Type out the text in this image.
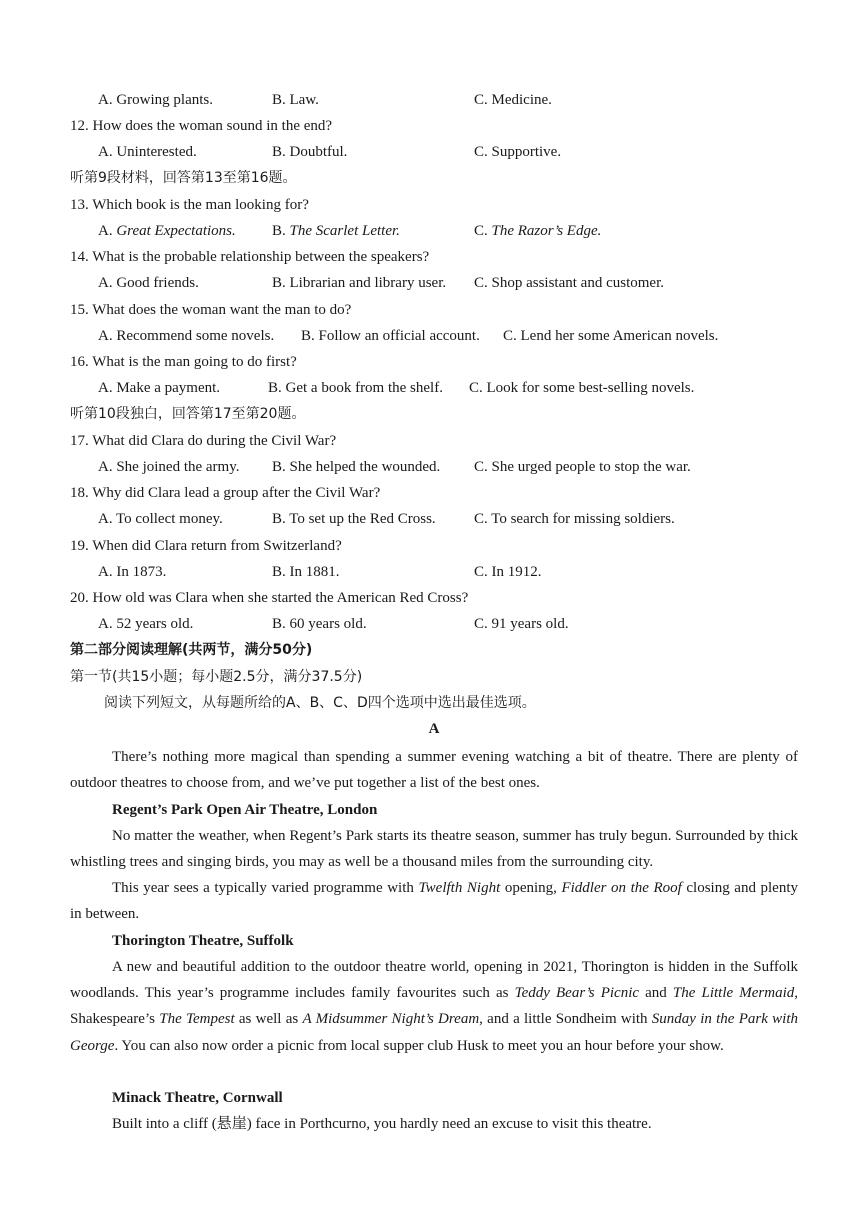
A. Growing plants.	B. Law.	C. Medicine.
12. How does the woman sound in the end?
A. Uninterested.	B. Doubtful.	C. Supportive.
听第9段材料，回答第13至第16题。
13. Which book is the man looking for?
A. Great Expectations. B. The Scarlet Letter.	C. The Razor’s Edge.
14. What is the probable relationship between the speakers?
A. Good friends.	B. Librarian and library user. C. Shop assistant and customer.
15. What does the woman want the man to do?
A. Recommend some novels. B. Follow an official account. C. Lend her some American novels.
16. What is the man going to do first?
A. Make a payment.	B. Get a book from the shelf. C. Look for some best-selling novels.
听第10段独白，回答第17至第20题。
17. What did Clara do during the Civil War?
A. She joined the army. B. She helped the wounded. C. She urged people to stop the war.
18. Why did Clara lead a group after the Civil War?
A. To collect money.	B. To set up the Red Cross.	C. To search for missing soldiers.
19. When did Clara return from Switzerland?
A. In 1873.	B. In 1881.	C. In 1912.
20. How old was Clara when she started the American Red Cross?
A. 52 years old.	B. 60 years old.	C. 91 years old.
第二部分阅读理解(共两节，满分50分)
第一节(共15小题；每小题2.5分，满分37.5分)
阅读下列短文，从每题所给的A、B、C、D四个选项中选出最佳选项。
A

There’s nothing more magical than spending a summer evening watching a bit of theatre. There are plenty of outdoor theatres to choose from, and we’ve put together a list of the best ones.

Regent’s Park Open Air Theatre, London

No matter the weather, when Regent’s Park starts its theatre season, summer has truly begun. Surrounded by thick whistling trees and singing birds, you may as well be a thousand miles from the surrounding city.

This year sees a typically varied programme with Twelfth Night opening, Fiddler on the Roof closing and plenty in between.

Thorington Theatre, Suffolk

A new and beautiful addition to the outdoor theatre world, opening in 2021, Thorington is hidden in the Suffolk woodlands. This year’s programme includes family favourites such as Teddy Bear’s Picnic and The Little Mermaid, Shakespeare’s The Tempest as well as A Midsummer Night’s Dream, and a little Sondheim with Sunday in the Park with George. You can also now order a picnic from local supper club Husk to meet you an hour before your show.

Minack Theatre, Cornwall

Built into a cliff (悬崖) face in Porthcurno, you hardly need an excuse to visit this theatre.
